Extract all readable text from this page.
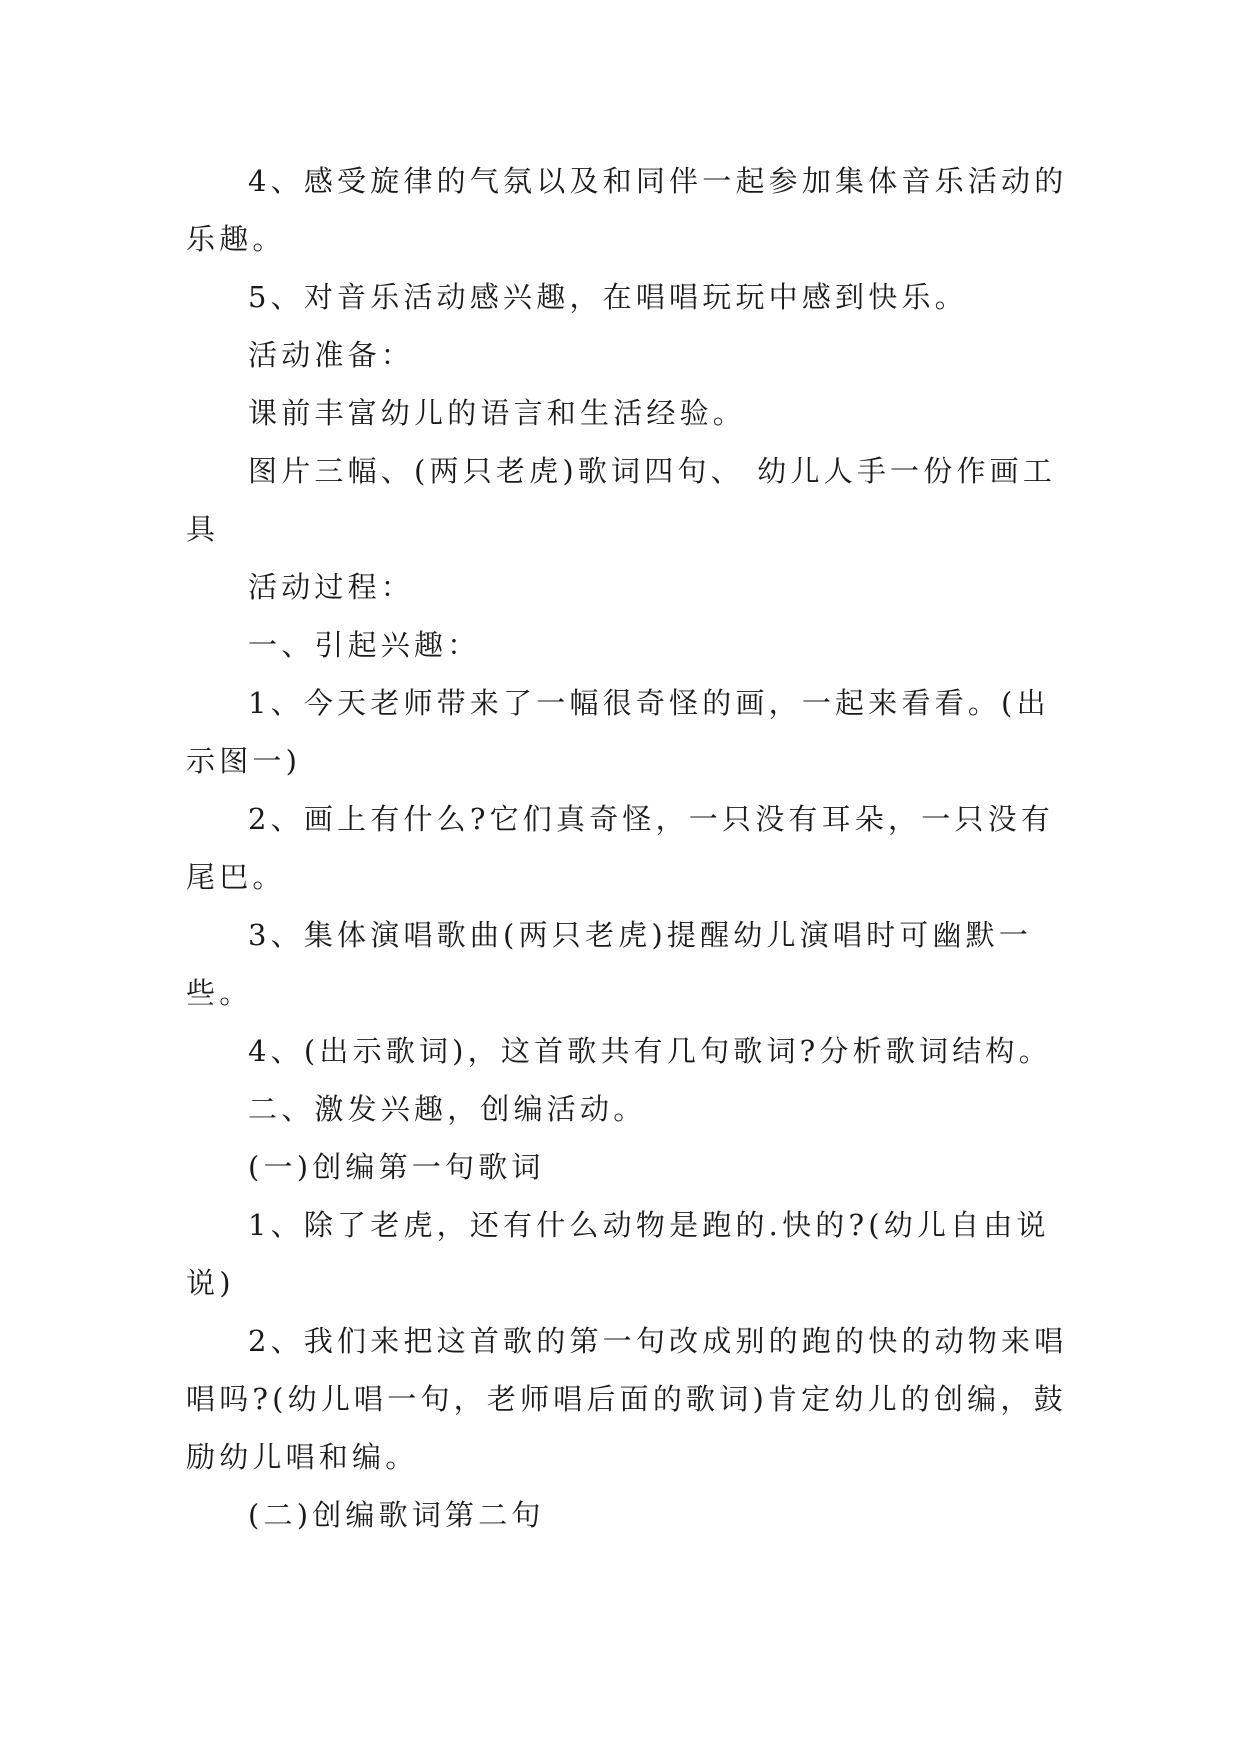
4、感受旋律的气氛以及和同伴一起参加集体音乐活动的乐趣。

5、对音乐活动感兴趣，在唱唱玩玩中感到快乐。

活动准备：

课前丰富幼儿的语言和生活经验。

图片三幅、(两只老虎)歌词四句、 幼儿人手一份作画工具

活动过程：

一、引起兴趣：

1、今天老师带来了一幅很奇怪的画，一起来看看。(出示图一)

2、画上有什么?它们真奇怪，一只没有耳朵，一只没有尾巴。

3、集体演唱歌曲(两只老虎)提醒幼儿演唱时可幽默一些。

4、(出示歌词)，这首歌共有几句歌词?分析歌词结构。

二、激发兴趣，创编活动。

(一)创编第一句歌词

1、除了老虎，还有什么动物是跑的.快的?(幼儿自由说说)

2、我们来把这首歌的第一句改成别的跑的快的动物来唱唱吗?(幼儿唱一句，老师唱后面的歌词)肯定幼儿的创编，鼓励幼儿唱和编。

(二)创编歌词第二句
